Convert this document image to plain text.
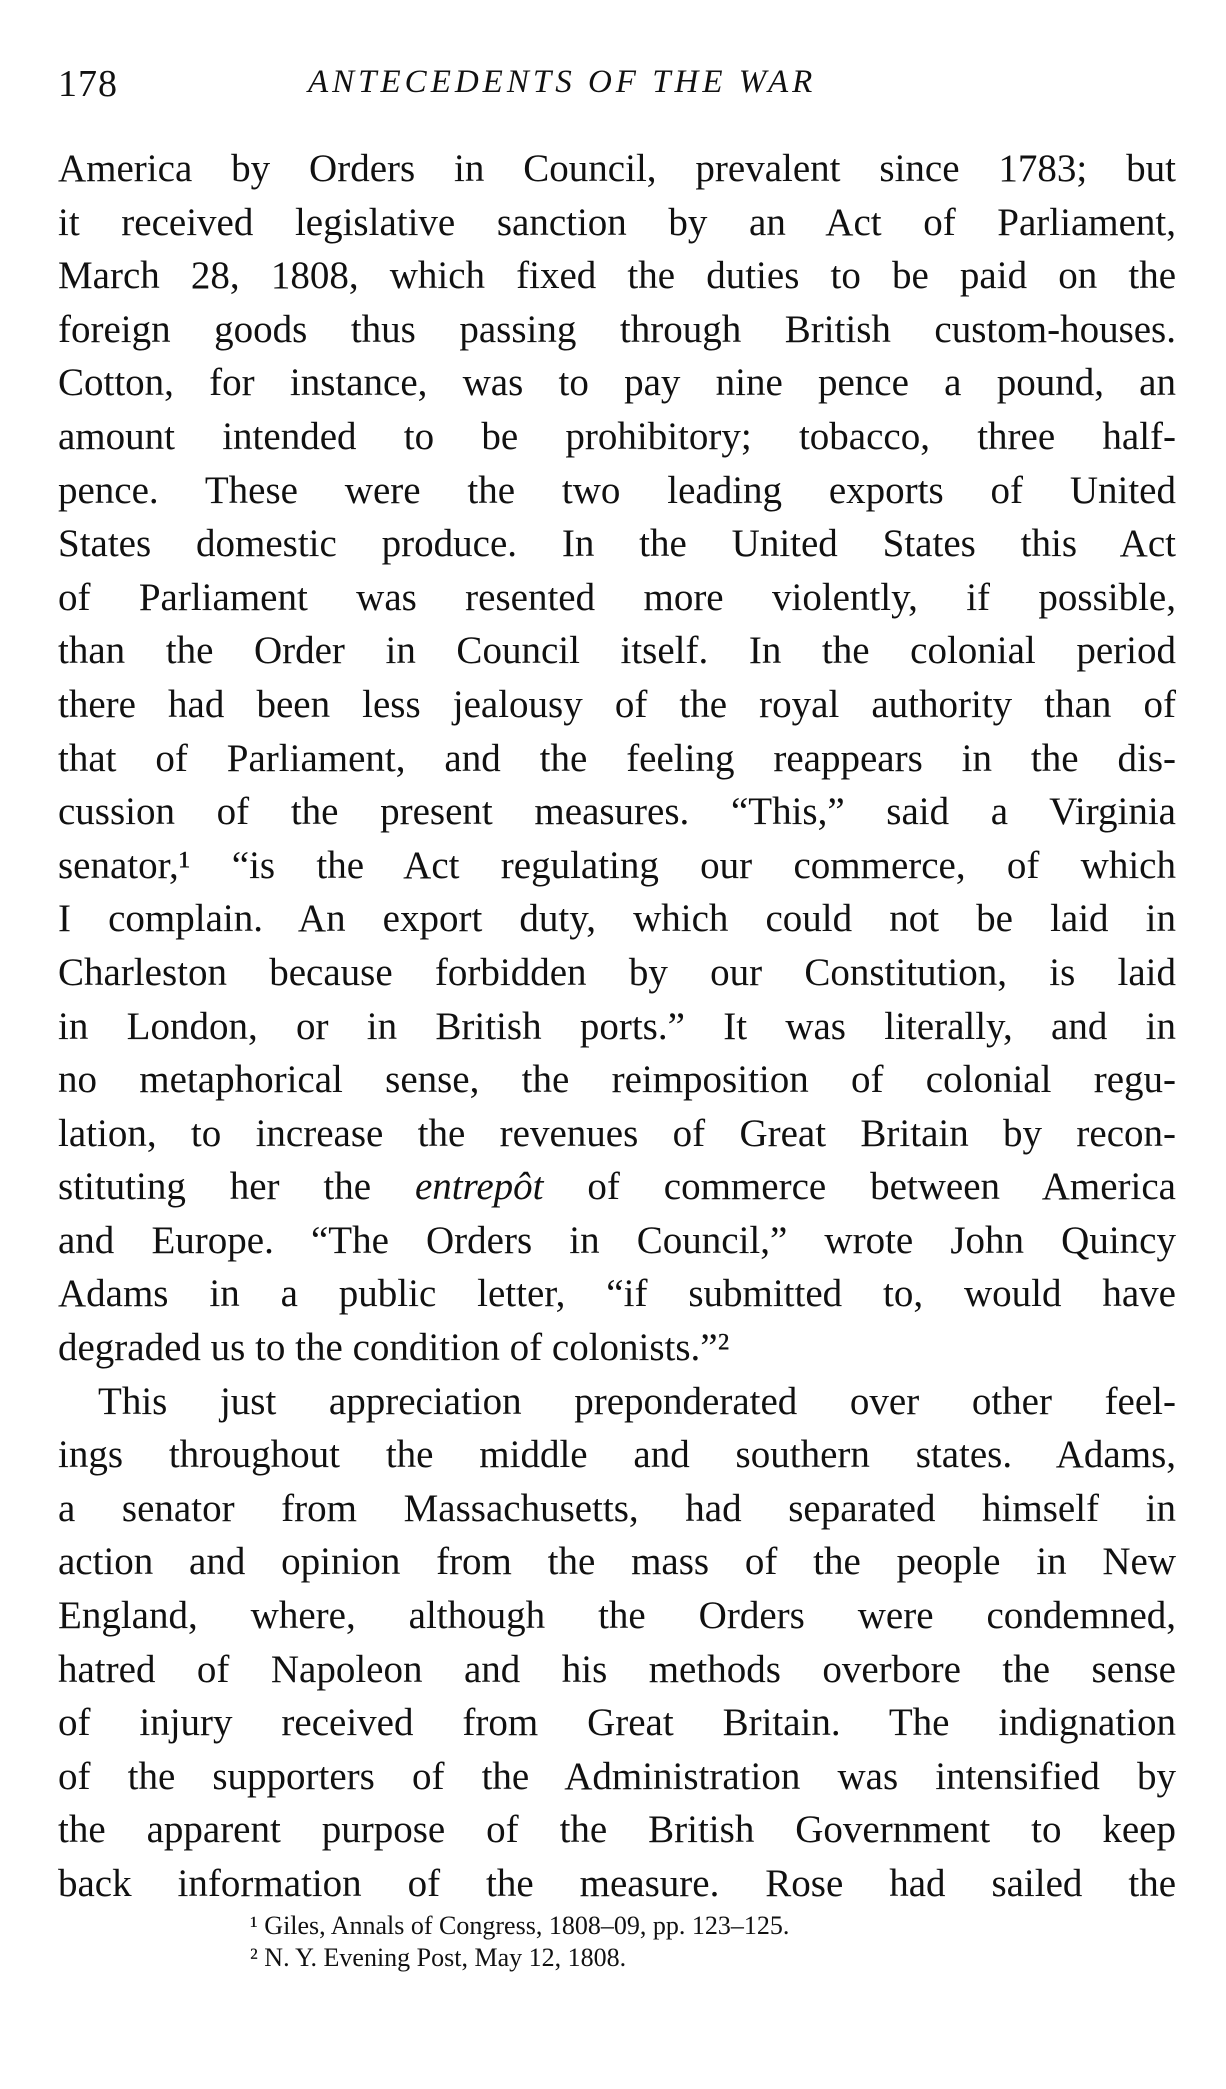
178	ANTECEDENTS OF THE WAR
America by Orders in Council, prevalent since 1783; but
it received legislative sanction by an Act of Parliament,
March 28, 1808, which fixed the duties to be paid on the
foreign goods thus passing through British custom-houses.
Cotton, for instance, was to pay nine pence a pound, an
amount intended to be prohibitory; tobacco, three half-
pence. These were the two leading exports of United
States domestic produce. In the United States this Act
of Parliament was resented more violently, if possible,
than the Order in Council itself. In the colonial period
there had been less jealousy of the royal authority than of
that of Parliament, and the feeling reappears in the dis-
cussion of the present measures. “This,” said a Virginia
senator,¹ “is the Act regulating our commerce, of which
I complain. An export duty, which could not be laid in
Charleston because forbidden by our Constitution, is laid
in London, or in British ports.” It was literally, and in
no metaphorical sense, the reimposition of colonial regu-
lation, to increase the revenues of Great Britain by recon-
stituting her the entrepôt of commerce between America
and Europe. “The Orders in Council,” wrote John Quincy
Adams in a public letter, “if submitted to, would have
degraded us to the condition of colonists.”²
This just appreciation preponderated over other feel-
ings throughout the middle and southern states. Adams,
a senator from Massachusetts, had separated himself in
action and opinion from the mass of the people in New
England, where, although the Orders were condemned,
hatred of Napoleon and his methods overbore the sense
of injury received from Great Britain. The indignation
of the supporters of the Administration was intensified by
the apparent purpose of the British Government to keep
back information of the measure. Rose had sailed the
¹ Giles, Annals of Congress, 1808–09, pp. 123–125.
² N. Y. Evening Post, May 12, 1808.
